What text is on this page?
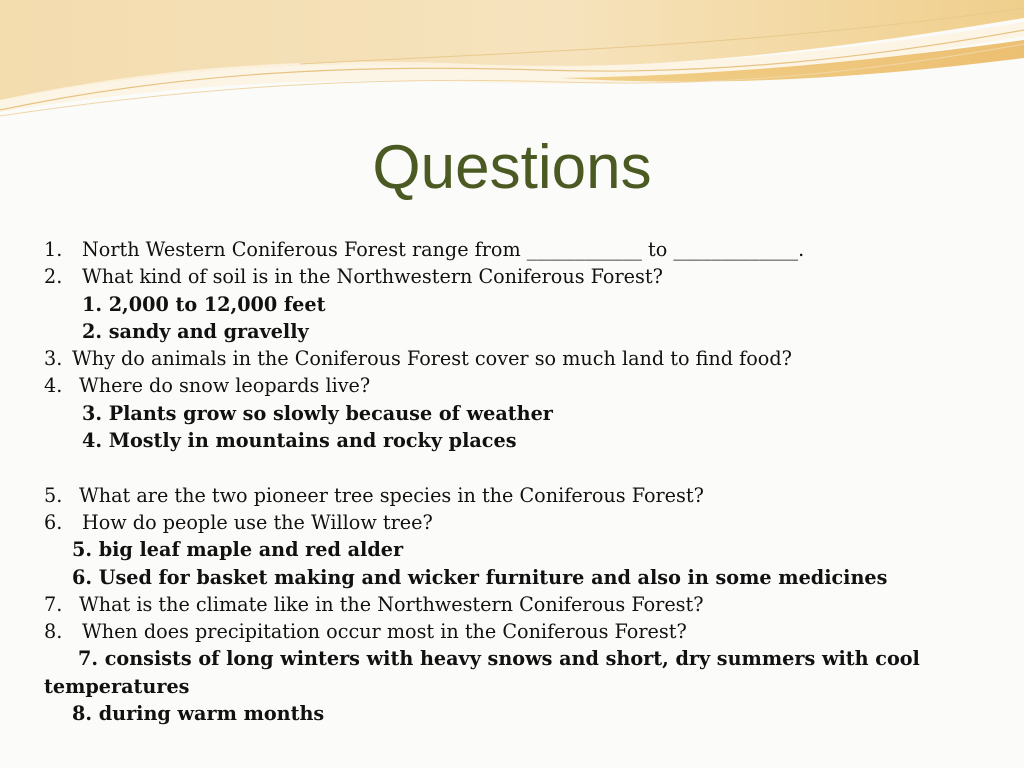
Questions
1. North Western Coniferous Forest range from ____________ to _____________.
2. What kind of soil is in the Northwestern Coniferous Forest?
1. 2,000 to 12,000 feet
2. sandy and gravelly
3. Why do animals in the Coniferous Forest cover so much land to find food?
4. Where do snow leopards live?
3. Plants grow so slowly because of weather
4. Mostly in mountains and rocky places
5. What are the two pioneer tree species in the Coniferous Forest?
6. How do people use the Willow tree?
5. big leaf maple and red alder
6. Used for basket making and wicker furniture and also in some medicines
7. What is the climate like in the Northwestern Coniferous Forest?
8. When does precipitation occur most in the Coniferous Forest?
7. consists of long winters with heavy snows and short, dry summers with cool temperatures
8. during warm months
